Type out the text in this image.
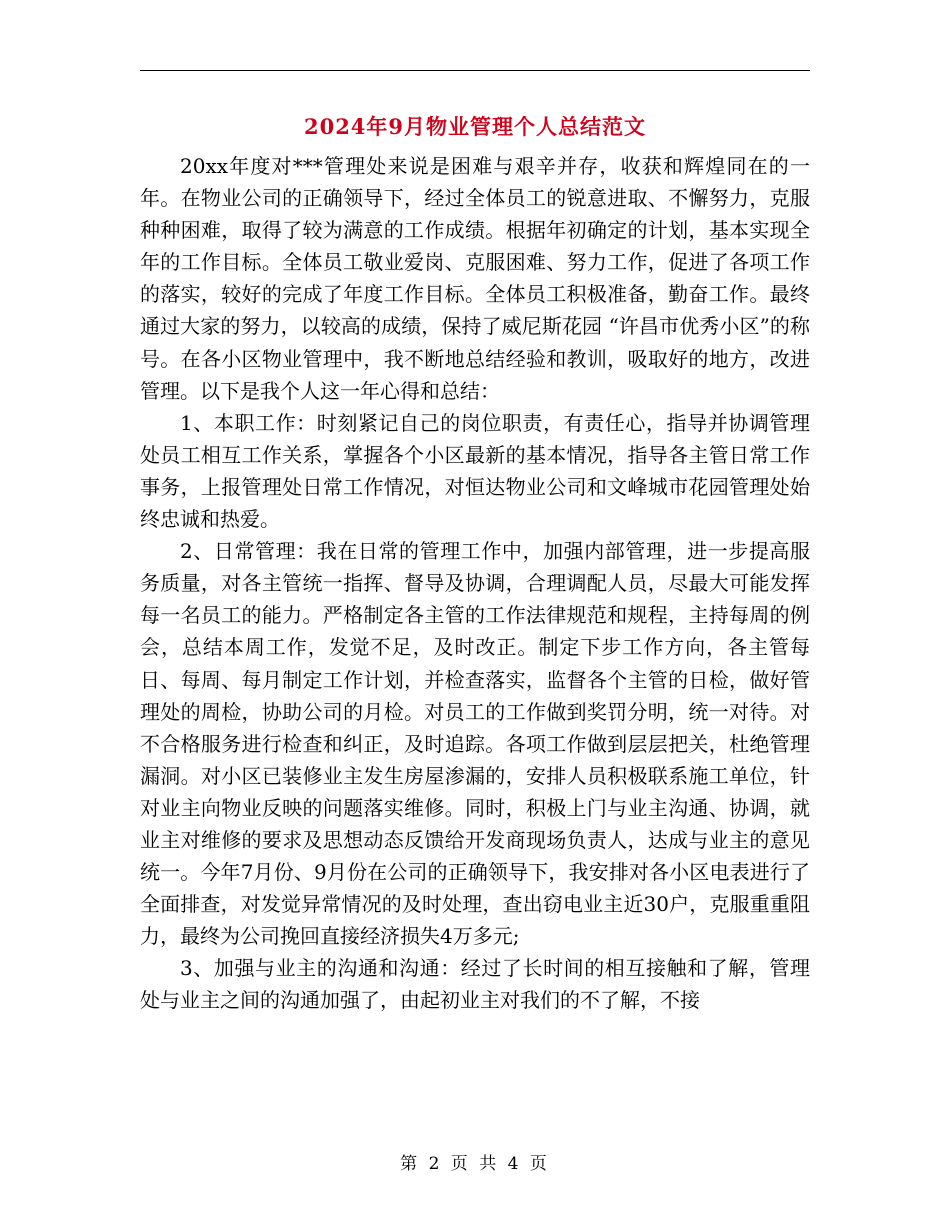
2024年9月物业管理个人总结范文

20xx年度对***管理处来说是困难与艰辛并存，收获和辉煌同在的一年。在物业公司的正确领导下，经过全体员工的锐意进取、不懈努力，克服种种困难，取得了较为满意的工作成绩。根据年初确定的计划，基本实现全年的工作目标。全体员工敬业爱岗、克服困难、努力工作，促进了各项工作的落实，较好的完成了年度工作目标。全体员工积极准备，勤奋工作。最终通过大家的努力，以较高的成绩，保持了威尼斯花园 “许昌市优秀小区”的称号。在各小区物业管理中，我不断地总结经验和教训，吸取好的地方，改进管理。以下是我个人这一年心得和总结：

1、本职工作：时刻紧记自己的岗位职责，有责任心，指导并协调管理处员工相互工作关系，掌握各个小区最新的基本情况，指导各主管日常工作事务，上报管理处日常工作情况，对恒达物业公司和文峰城市花园管理处始终忠诚和热爱。

2、日常管理：我在日常的管理工作中，加强内部管理，进一步提高服务质量，对各主管统一指挥、督导及协调，合理调配人员，尽最大可能发挥每一名员工的能力。严格制定各主管的工作法律规范和规程，主持每周的例会，总结本周工作，发觉不足，及时改正。制定下步工作方向，各主管每日、每周、每月制定工作计划，并检查落实，监督各个主管的日检，做好管理处的周检，协助公司的月检。对员工的工作做到奖罚分明，统一对待。对不合格服务进行检查和纠正，及时追踪。各项工作做到层层把关，杜绝管理漏洞。对小区已装修业主发生房屋渗漏的，安排人员积极联系施工单位，针对业主向物业反映的问题落实维修。同时，积极上门与业主沟通、协调，就业主对维修的要求及思想动态反馈给开发商现场负责人，达成与业主的意见统一。今年7月份、9月份在公司的正确领导下，我安排对各小区电表进行了全面排查，对发觉异常情况的及时处理，查出窃电业主近30户，克服重重阻力，最终为公司挽回直接经济损失4万多元;

3、加强与业主的沟通和沟通：经过了长时间的相互接触和了解，管理处与业主之间的沟通加强了，由起初业主对我们的不了解，不接

第 2 页 共 4 页
